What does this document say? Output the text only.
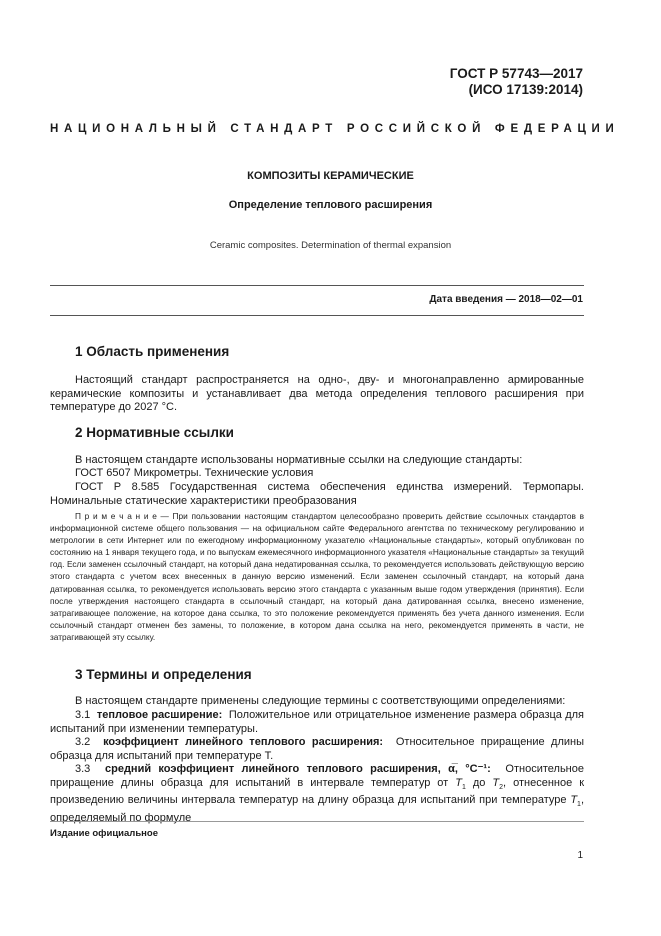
ГОСТ Р 57743—2017
(ИСО 17139:2014)
НАЦИОНАЛЬНЫЙ СТАНДАРТ РОССИЙСКОЙ ФЕДЕРАЦИИ
КОМПОЗИТЫ КЕРАМИЧЕСКИЕ
Определение теплового расширения
Ceramic composites. Determination of thermal expansion
Дата введения — 2018—02—01
1 Область применения
Настоящий стандарт распространяется на одно-, дву- и многонаправленно армированные керамические композиты и устанавливает два метода определения теплового расширения при температуре до 2027 °С.
2 Нормативные ссылки
В настоящем стандарте использованы нормативные ссылки на следующие стандарты:
ГОСТ 6507 Микрометры. Технические условия
ГОСТ Р 8.585 Государственная система обеспечения единства измерений. Термопары. Номинальные статические характеристики преобразования
П р и м е ч а н и е — При пользовании настоящим стандартом целесообразно проверить действие ссылочных стандартов в информационной системе общего пользования — на официальном сайте Федерального агентства по техническому регулированию и метрологии в сети Интернет или по ежегодному информационному указателю «Национальные стандарты», который опубликован по состоянию на 1 января текущего года, и по выпускам ежемесячного информационного указателя «Национальные стандарты» за текущий год. Если заменен ссылочный стандарт, на который дана недатированная ссылка, то рекомендуется использовать действующую версию этого стандарта с учетом всех внесенных в данную версию изменений. Если заменен ссылочный стандарт, на который дана датированная ссылка, то рекомендуется использовать версию этого стандарта с указанным выше годом утверждения (принятия). Если после утверждения настоящего стандарта в ссылочный стандарт, на который дана датированная ссылка, внесено изменение, затрагивающее положение, на которое дана ссылка, то это положение рекомендуется применять без учета данного изменения. Если ссылочный стандарт отменен без замены, то положение, в котором дана ссылка на него, рекомендуется применять в части, не затрагивающей эту ссылку.
3 Термины и определения
В настоящем стандарте применены следующие термины с соответствующими определениями:
3.1 тепловое расширение: Положительное или отрицательное изменение размера образца для испытаний при изменении температуры.
3.2 коэффициент линейного теплового расширения: Относительное приращение длины образца для испытаний при температуре T.
3.3 средний коэффициент линейного теплового расширения, α̅, °C⁻¹: Относительное приращение длины образца для испытаний в интервале температур от $T_1$ до $T_2$, отнесенное к произведению величины интервала температур на длину образца для испытаний при температуре $T_1$, определяемый по формуле
Издание официальное
1
